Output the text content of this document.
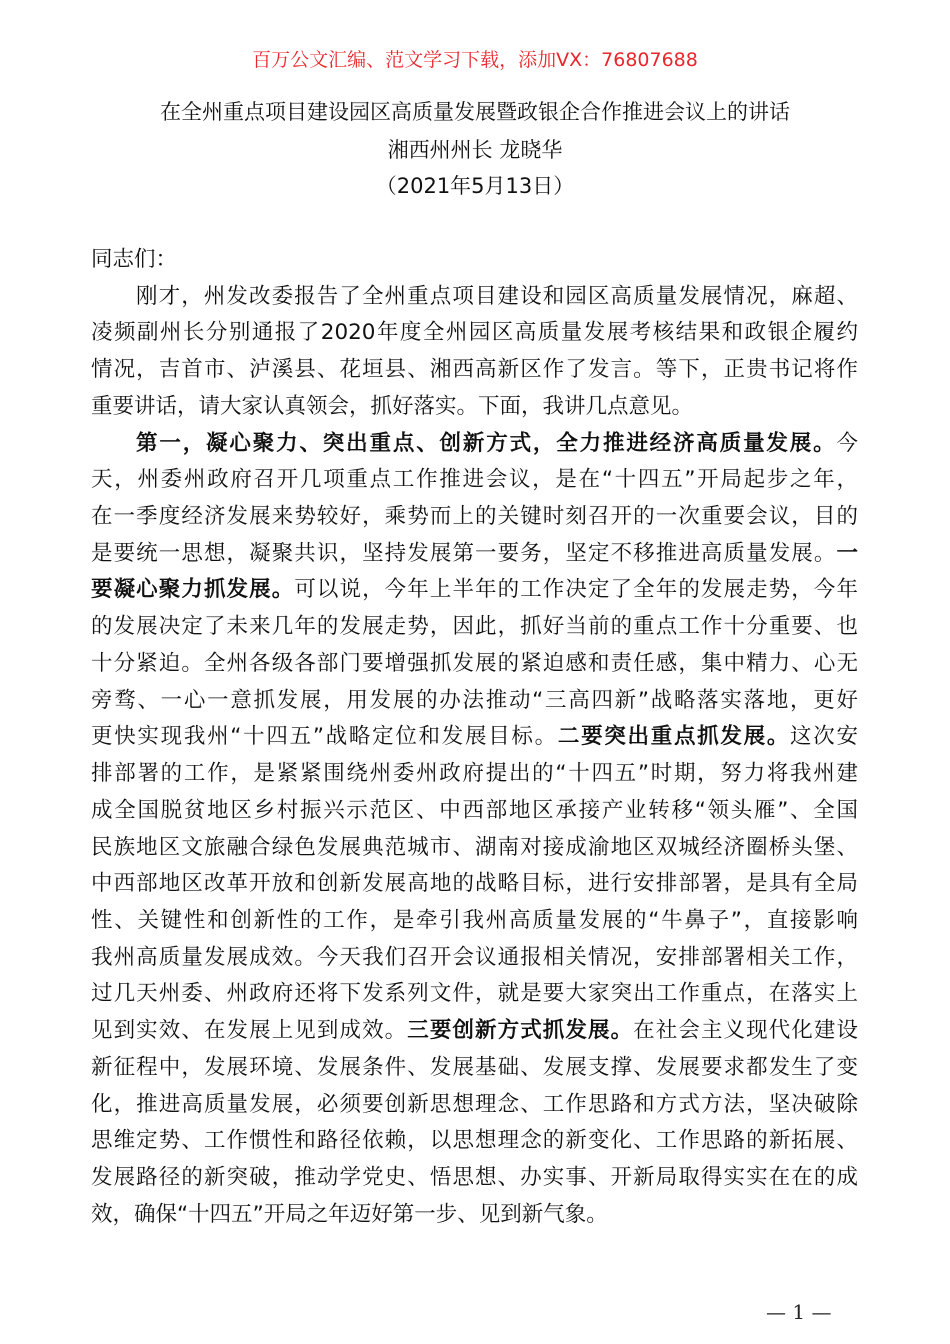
百万公文汇编、范文学习下载，添加VX：76807688
在全州重点项目建设园区高质量发展暨政银企合作推进会议上的讲话
湘西州州长 龙晓华
（2021年5月13日）
同志们：
刚才，州发改委报告了全州重点项目建设和园区高质量发展情况，麻超、
凌频副州长分别通报了2020年度全州园区高质量发展考核结果和政银企履约
情况，吉首市、泸溪县、花垣县、湘西高新区作了发言。等下，正贵书记将作
重要讲话，请大家认真领会，抓好落实。下面，我讲几点意见。
第一，凝心聚力、突出重点、创新方式，全力推进经济高质量发展。今
天，州委州政府召开几项重点工作推进会议，是在“十四五”开局起步之年，
在一季度经济发展来势较好，乘势而上的关键时刻召开的一次重要会议，目的
是要统一思想，凝聚共识，坚持发展第一要务，坚定不移推进高质量发展。一
要凝心聚力抓发展。可以说，今年上半年的工作决定了全年的发展走势，今年
的发展决定了未来几年的发展走势，因此，抓好当前的重点工作十分重要、也
十分紧迫。全州各级各部门要增强抓发展的紧迫感和责任感，集中精力、心无
旁骛、一心一意抓发展，用发展的办法推动“三高四新”战略落实落地，更好
更快实现我州“十四五”战略定位和发展目标。二要突出重点抓发展。这次安
排部署的工作，是紧紧围绕州委州政府提出的“十四五”时期，努力将我州建
成全国脱贫地区乡村振兴示范区、中西部地区承接产业转移“领头雁”、全国
民族地区文旅融合绿色发展典范城市、湖南对接成渝地区双城经济圈桥头堡、
中西部地区改革开放和创新发展高地的战略目标，进行安排部署，是具有全局
性、关键性和创新性的工作，是牵引我州高质量发展的“牛鼻子”，直接影响
我州高质量发展成效。今天我们召开会议通报相关情况，安排部署相关工作，
过几天州委、州政府还将下发系列文件，就是要大家突出工作重点，在落实上
见到实效、在发展上见到成效。三要创新方式抓发展。在社会主义现代化建设
新征程中，发展环境、发展条件、发展基础、发展支撑、发展要求都发生了变
化，推进高质量发展，必须要创新思想理念、工作思路和方式方法，坚决破除
思维定势、工作惯性和路径依赖，以思想理念的新变化、工作思路的新拓展、
发展路径的新突破，推动学党史、悟思想、办实事、开新局取得实实在在的成
效，确保“十四五”开局之年迈好第一步、见到新气象。
— 1 —
